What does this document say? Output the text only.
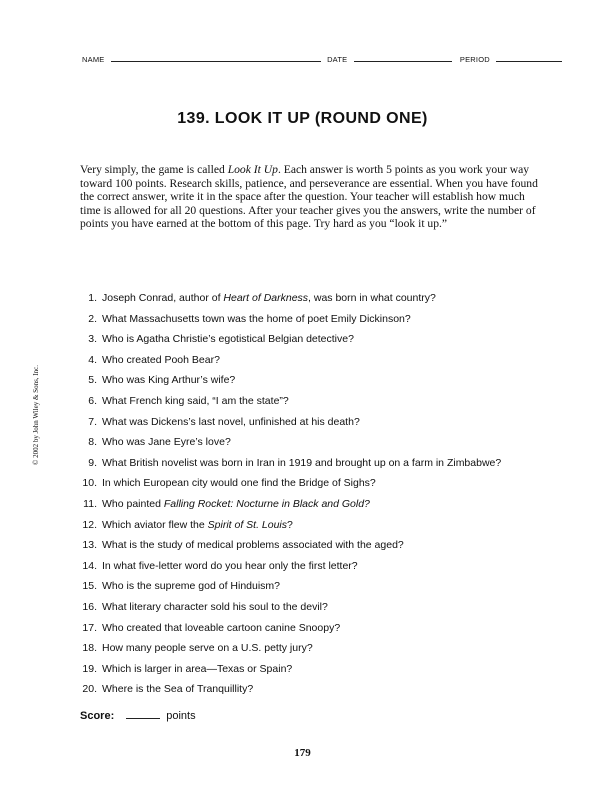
NAME	DATE	PERIOD
139. LOOK IT UP (ROUND ONE)

Very simply, the game is called Look It Up. Each answer is worth 5 points as you work your way toward 100 points. Research skills, patience, and perseverance are essential. When you have found the correct answer, write it in the space after the question. Your teacher will establish how much time is allowed for all 20 questions. After your teacher gives you the answers, write the number of points you have earned at the bottom of this page. Try hard as you “look it up.”

© 2002 by John Wiley & Sons, Inc.
1. Joseph Conrad, author of Heart of Darkness, was born in what country?
2. What Massachusetts town was the home of poet Emily Dickinson?
3. Who is Agatha Christie’s egotistical Belgian detective?
4. Who created Pooh Bear?
5. Who was King Arthur’s wife?
6. What French king said, “I am the state”?
7. What was Dickens’s last novel, unfinished at his death?
8. Who was Jane Eyre’s love?
9. What British novelist was born in Iran in 1919 and brought up on a farm in Zimbabwe?
10. In which European city would one find the Bridge of Sighs?
11. Who painted Falling Rocket: Nocturne in Black and Gold?
12. Which aviator flew the Spirit of St. Louis?
13. What is the study of medical problems associated with the aged?
14. In what five-letter word do you hear only the first letter?
15. Who is the supreme god of Hinduism?
16. What literary character sold his soul to the devil?
17. Who created that loveable cartoon canine Snoopy?
18. How many people serve on a U.S. petty jury?
19. Which is larger in area—Texas or Spain?
20. Where is the Sea of Tranquillity?
Score:	points
179
